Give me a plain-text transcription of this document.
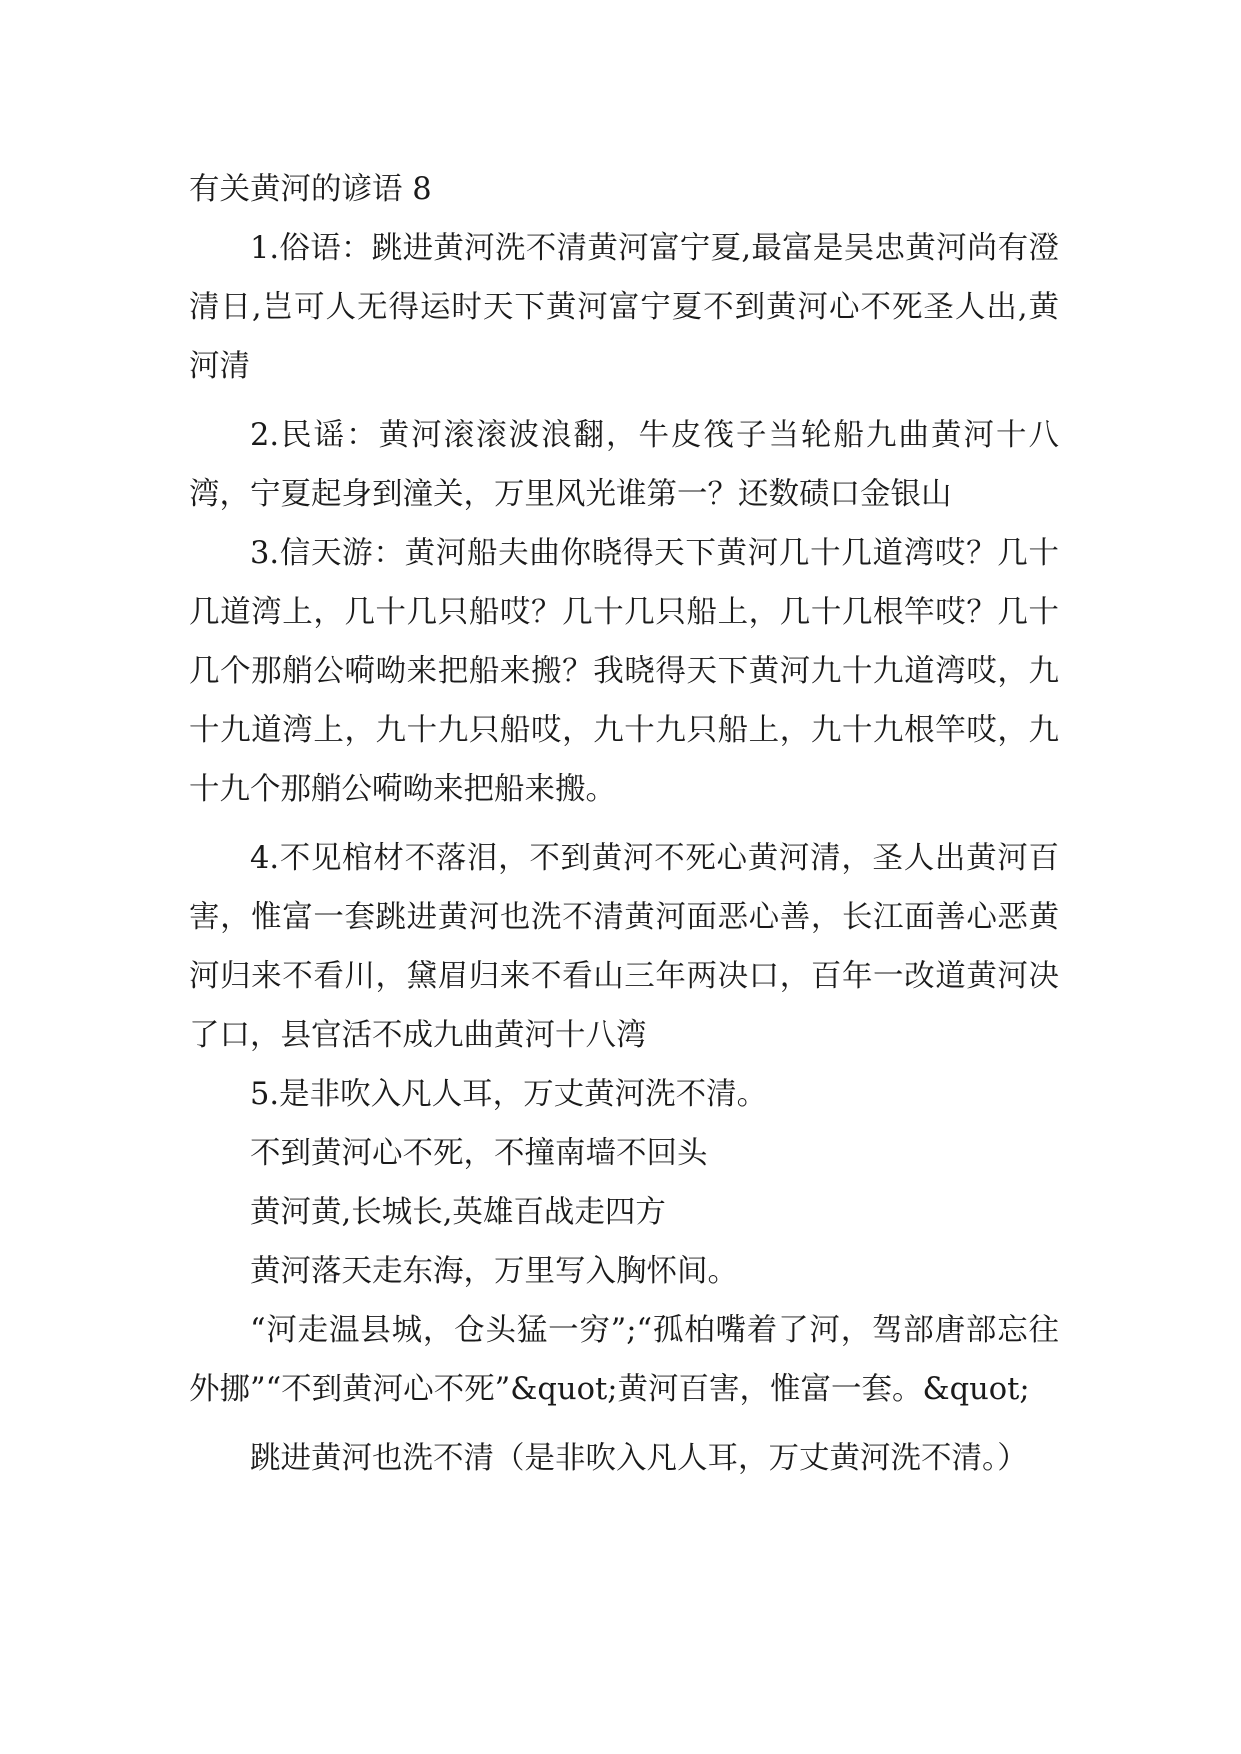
有关黄河的谚语 8

1.俗语：跳进黄河洗不清黄河富宁夏,最富是吴忠黄河尚有澄清日,岂可人无得运时天下黄河富宁夏不到黄河心不死圣人出,黄河清

2.民谣：黄河滚滚波浪翻，牛皮筏子当轮船九曲黄河十八湾，宁夏起身到潼关，万里风光谁第一？还数碛口金银山

3.信天游：黄河船夫曲你晓得天下黄河几十几道湾哎？几十几道湾上，几十几只船哎？几十几只船上，几十几根竿哎？几十几个那艄公嗬呦来把船来搬？我晓得天下黄河九十九道湾哎，九十九道湾上，九十九只船哎，九十九只船上，九十九根竿哎，九十九个那艄公嗬呦来把船来搬。

4.不见棺材不落泪，不到黄河不死心黄河清，圣人出黄河百害，惟富一套跳进黄河也洗不清黄河面恶心善，长江面善心恶黄河归来不看川，黛眉归来不看山三年两决口，百年一改道黄河决了口，县官活不成九曲黄河十八湾

5.是非吹入凡人耳，万丈黄河洗不清。

不到黄河心不死，不撞南墙不回头

黄河黄,长城长,英雄百战走四方

黄河落天走东海，万里写入胸怀间。

“河走温县城，仓头猛一穷”;“孤柏嘴着了河，驾部唐部忘往外挪”“不到黄河心不死”&quot;黄河百害，惟富一套。&quot;

跳进黄河也洗不清（是非吹入凡人耳，万丈黄河洗不清。）
